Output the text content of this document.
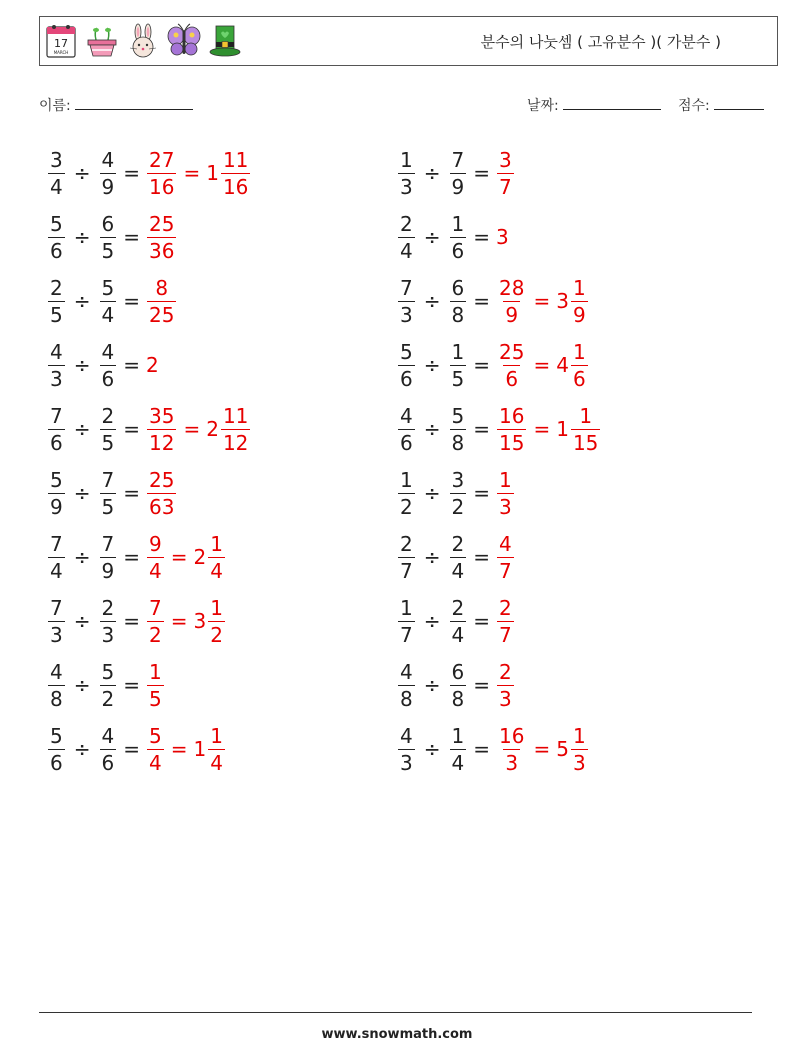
17
MARCH
분수의 나눗셈 ( 고유분수 )( 가분수 )
이름:	날짜:	점수:
$\frac{3}{4} \div \frac{4}{9} = \frac{27}{16} = 1 \frac{11}{16}$	$\frac{1}{3} \div \frac{7}{9} = \frac{3}{7}$
$\frac{5}{6} \div \frac{6}{5} = \frac{25}{36}$	$\frac{2}{4} \div \frac{1}{6} = 3$
$\frac{2}{5} \div \frac{5}{4} = \frac{8}{25}$	$\frac{7}{3} \div \frac{6}{8} = \frac{28}{9} = 3 \frac{1}{9}$
$\frac{4}{3} \div \frac{4}{6} = 2$	$\frac{5}{6} \div \frac{1}{5} = \frac{25}{6} = 4 \frac{1}{6}$
$\frac{7}{6} \div \frac{2}{5} = \frac{35}{12} = 2 \frac{11}{12}$	$\frac{4}{6} \div \frac{5}{8} = \frac{16}{15} = 1 \frac{1}{15}$
$\frac{5}{9} \div \frac{7}{5} = \frac{25}{63}$	$\frac{1}{2} \div \frac{3}{2} = \frac{1}{3}$
$\frac{7}{4} \div \frac{7}{9} = \frac{9}{4} = 2 \frac{1}{4}$	$\frac{2}{7} \div \frac{2}{4} = \frac{4}{7}$
$\frac{7}{3} \div \frac{2}{3} = \frac{7}{2} = 3 \frac{1}{2}$	$\frac{1}{7} \div \frac{2}{4} = \frac{2}{7}$
$\frac{4}{8} \div \frac{5}{2} = \frac{1}{5}$	$\frac{4}{8} \div \frac{6}{8} = \frac{2}{3}$
$\frac{5}{6} \div \frac{4}{6} = \frac{5}{4} = 1 \frac{1}{4}$	$\frac{4}{3} \div \frac{1}{4} = \frac{16}{3} = 5 \frac{1}{3}$
www.snowmath.com
